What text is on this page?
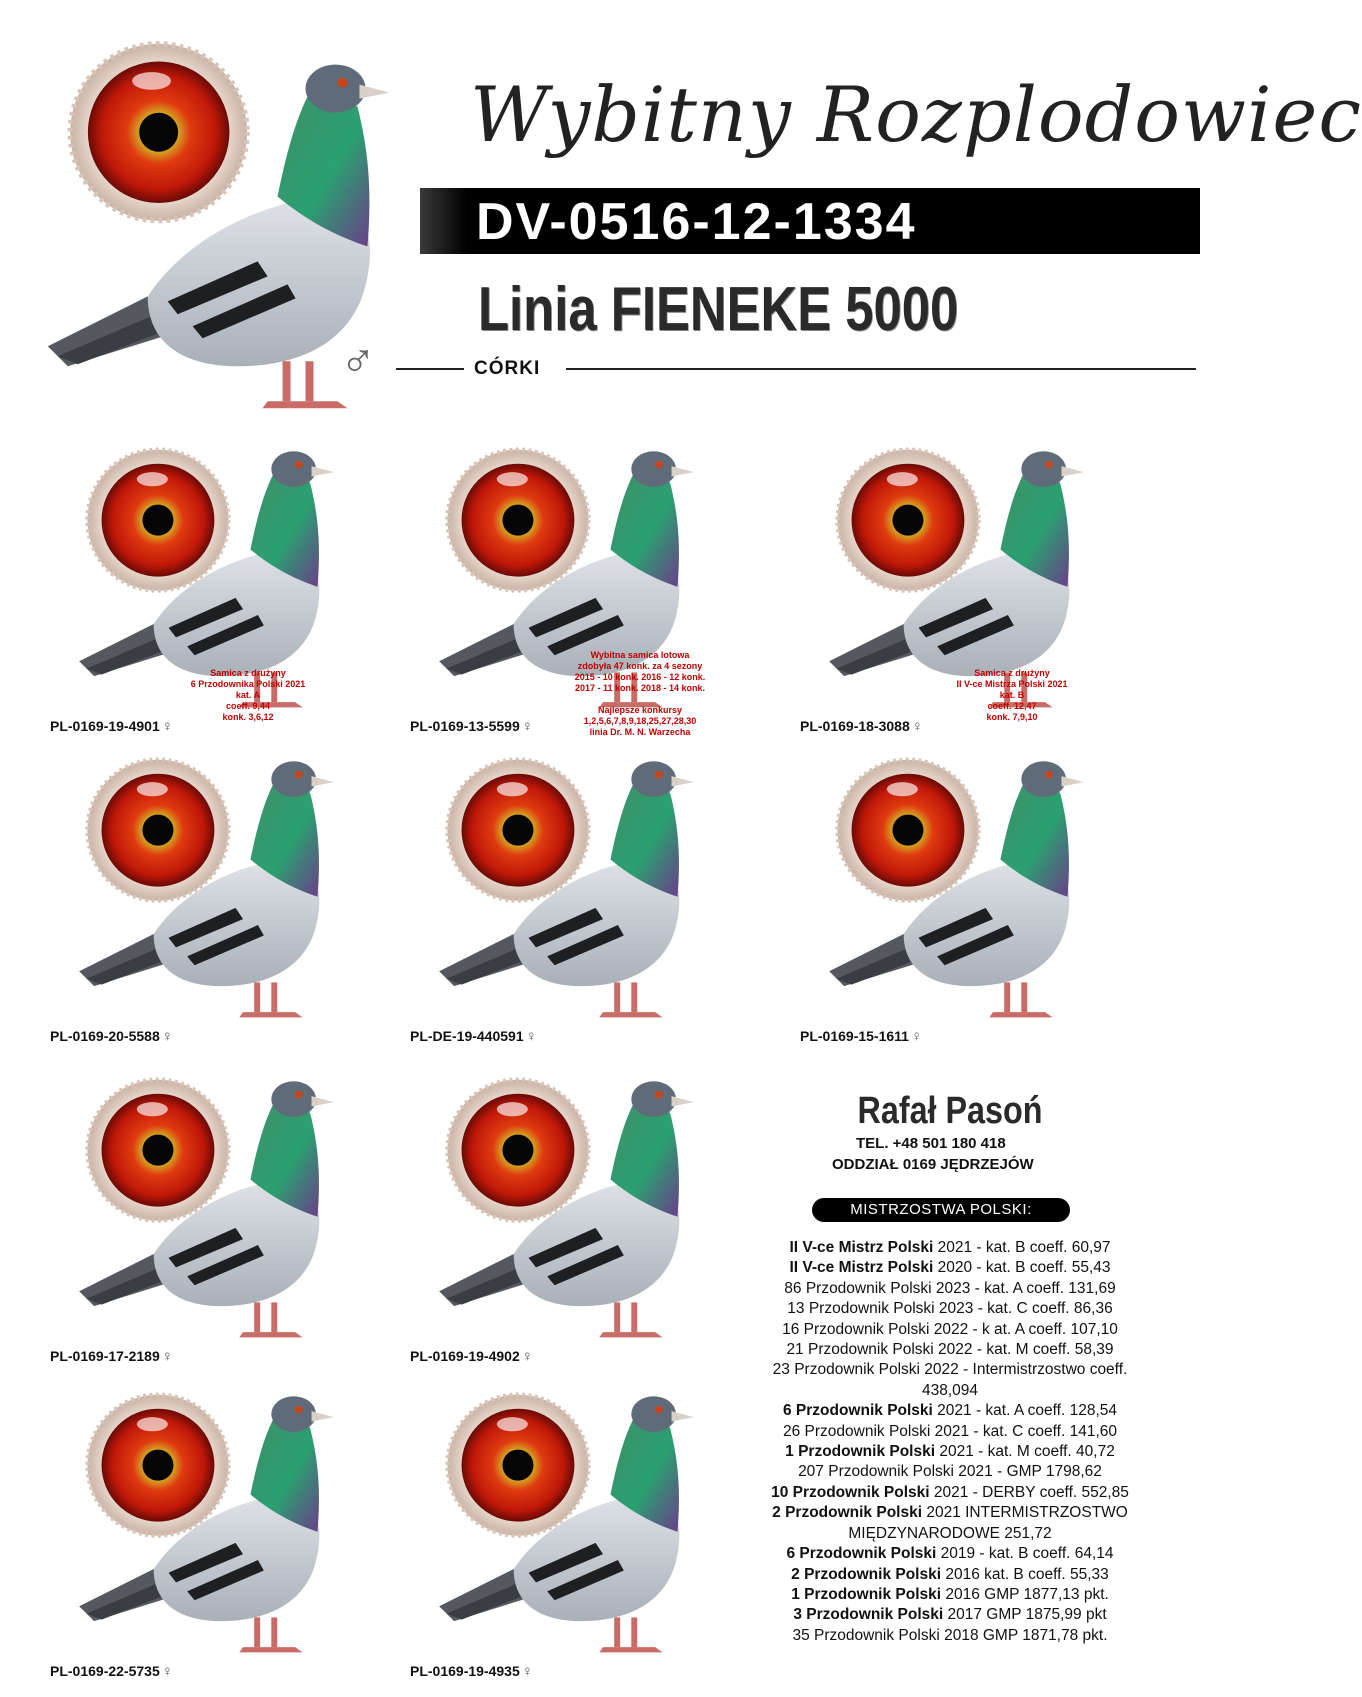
Wybitny Rozplodowiec
DV-0516-12-1334
Linia FIENEKE 5000
♂	CÓRKI
PL-0169-19-4901 ♀
Samica z drużyny
6 Przodownika Polski 2021
kat. A
coeff. 9,44
konk. 3,6,12
PL-0169-13-5599 ♀
Wybitna samica lotowa
zdobyła 47 konk. za 4 sezony
2015 - 10 konk. 2016 - 12 konk.
2017 - 11 konk. 2018 - 14 konk.

Najlepsze konkursy
1,2,5,6,7,8,9,18,25,27,28,30
linia Dr. M. N. Warzecha	PL-0169-18-3088 ♀
Samica z drużyny
II V-ce Mistrza Polski 2021
kat. B
coeff. 12,47
konk. 7,9,10
PL-0169-20-5588 ♀	PL-DE-19-440591 ♀	PL-0169-15-1611 ♀
PL-0169-17-2189 ♀	PL-0169-19-4902 ♀
PL-0169-22-5735 ♀	PL-0169-19-4935 ♀
Rafał Pasoń
TEL. +48 501 180 418
ODDZIAŁ 0169 JĘDRZEJÓW
MISTRZOSTWA POLSKI:
II V-ce Mistrz Polski 2021 - kat. B coeff. 60,97
II V-ce Mistrz Polski 2020 - kat. B coeff. 55,43
86 Przodownik Polski 2023 - kat. A coeff. 131,69
13 Przodownik Polski 2023 - kat. C coeff. 86,36
16 Przodownik Polski 2022 - k at. A coeff. 107,10
21 Przodownik Polski 2022 - kat. M coeff. 58,39
23 Przodownik Polski 2022 - Intermistrzostwo coeff. 438,094
6 Przodownik Polski 2021 - kat. A coeff. 128,54
26 Przodownik Polski 2021 - kat. C coeff. 141,60
1 Przodownik Polski 2021 - kat. M coeff. 40,72
207 Przodownik Polski 2021 - GMP 1798,62
10 Przodownik Polski 2021 - DERBY coeff. 552,85
2 Przodownik Polski 2021 INTERMISTRZOSTWO MIĘDZYNARODOWE 251,72
6 Przodownik Polski 2019 - kat. B coeff. 64,14
2 Przodownik Polski 2016 kat. B coeff. 55,33
1 Przodownik Polski 2016 GMP 1877,13 pkt.
3 Przodownik Polski 2017 GMP 1875,99 pkt
35 Przodownik Polski 2018 GMP 1871,78 pkt.
